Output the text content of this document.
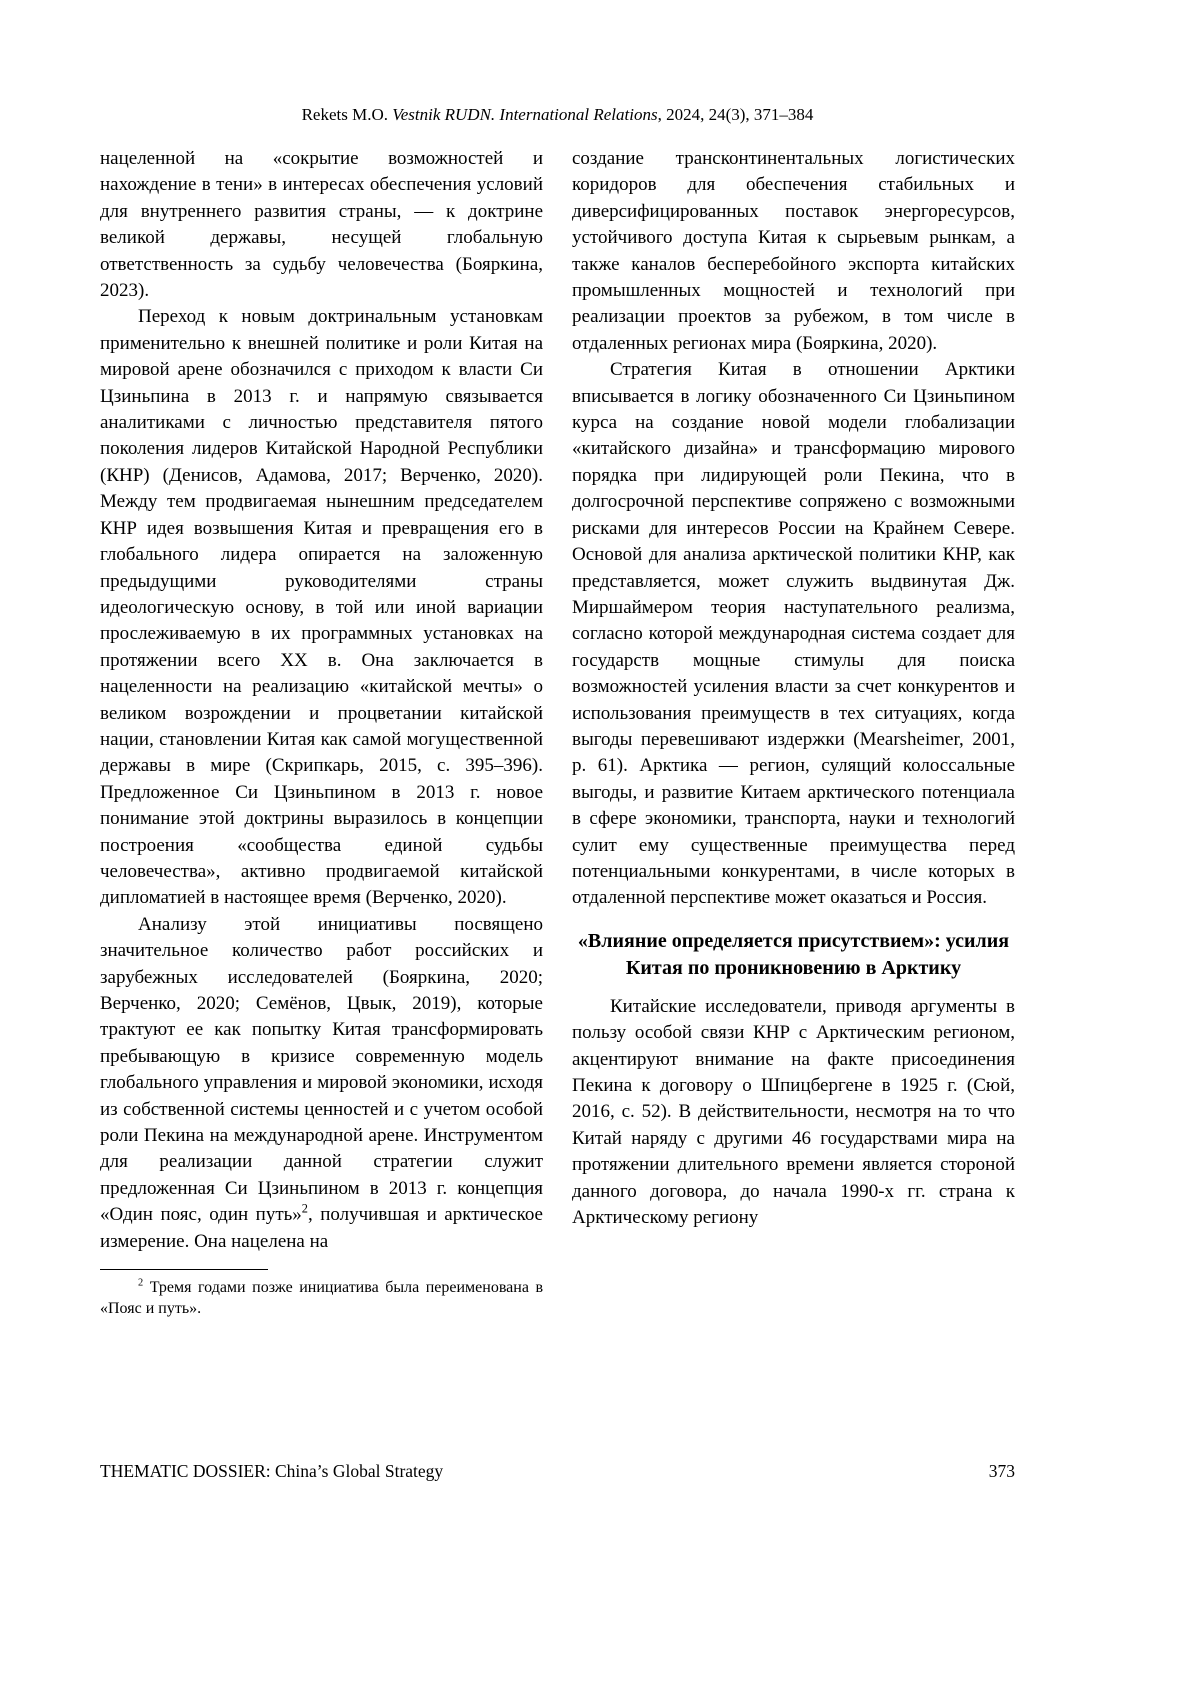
Rekets M.O. Vestnik RUDN. International Relations, 2024, 24(3), 371–384

нацеленной на «сокрытие возможностей и нахождение в тени» в интересах обеспечения условий для внутреннего развития страны, — к доктрине великой державы, несущей глобальную ответственность за судьбу человечества (Бояркина, 2023).

Переход к новым доктринальным установкам применительно к внешней политике и роли Китая на мировой арене обозначился с приходом к власти Си Цзиньпина в 2013 г. и напрямую связывается аналитиками с личностью представителя пятого поколения лидеров Китайской Народной Республики (КНР) (Денисов, Адамова, 2017; Верченко, 2020). Между тем продвигаемая нынешним председателем КНР идея возвышения Китая и превращения его в глобального лидера опирается на заложенную предыдущими руководителями страны идеологическую основу, в той или иной вариации прослеживаемую в их программных установках на протяжении всего XX в. Она заключается в нацеленности на реализацию «китайской мечты» о великом возрождении и процветании китайской нации, становлении Китая как самой могущественной державы в мире (Скрипкарь, 2015, с. 395–396). Предложенное Си Цзиньпином в 2013 г. новое понимание этой доктрины выразилось в концепции построения «сообщества единой судьбы человечества», активно продвигаемой китайской дипломатией в настоящее время (Верченко, 2020).

Анализу этой инициативы посвящено значительное количество работ российских и зарубежных исследователей (Бояркина, 2020; Верченко, 2020; Семёнов, Цвык, 2019), которые трактуют ее как попытку Китая трансформировать пребывающую в кризисе современную модель глобального управления и мировой экономики, исходя из собственной системы ценностей и с учетом особой роли Пекина на международной арене. Инструментом для реализации данной стратегии служит предложенная Си Цзиньпином в 2013 г. концепция «Один пояс, один путь»$^2$, получившая и арктическое измерение. Она нацелена на

$^2$ Тремя годами позже инициатива была переименована в «Пояс и путь».

создание трансконтинентальных логистических коридоров для обеспечения стабильных и диверсифицированных поставок энергоресурсов, устойчивого доступа Китая к сырьевым рынкам, а также каналов бесперебойного экспорта китайских промышленных мощностей и технологий при реализации проектов за рубежом, в том числе в отдаленных регионах мира (Бояркина, 2020).

Стратегия Китая в отношении Арктики вписывается в логику обозначенного Си Цзиньпином курса на создание новой модели глобализации «китайского дизайна» и трансформацию мирового порядка при лидирующей роли Пекина, что в долгосрочной перспективе сопряжено с возможными рисками для интересов России на Крайнем Севере. Основой для анализа арктической политики КНР, как представляется, может служить выдвинутая Дж. Миршаймером теория наступательного реализма, согласно которой международная система создает для государств мощные стимулы для поиска возможностей усиления власти за счет конкурентов и использования преимуществ в тех ситуациях, когда выгоды перевешивают издержки (Mearsheimer, 2001, p. 61). Арктика — регион, сулящий колоссальные выгоды, и развитие Китаем арктического потенциала в сфере экономики, транспорта, науки и технологий сулит ему существенные преимущества перед потенциальными конкурентами, в числе которых в отдаленной перспективе может оказаться и Россия.

«Влияние определяется присутствием»: усилия Китая по проникновению в Арктику

Китайские исследователи, приводя аргументы в пользу особой связи КНР с Арктическим регионом, акцентируют внимание на факте присоединения Пекина к договору о Шпицбергене в 1925 г. (Сюй, 2016, с. 52). В действительности, несмотря на то что Китай наряду с другими 46 государствами мира на протяжении длительного времени является стороной данного договора, до начала 1990-х гг. страна к Арктическому региону

THEMATIC DOSSIER: China’s Global Strategy	373
